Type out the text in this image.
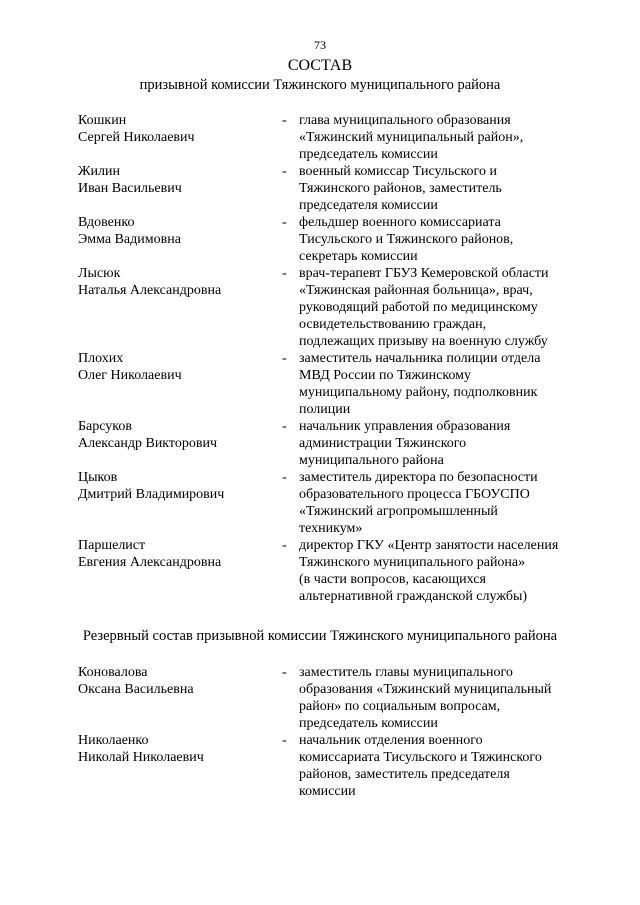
73
СОСТАВ
призывной комиссии Тяжинского муниципального района
Кошкин
Сергей Николаевич
- глава муниципального образования
«Тяжинский муниципальный район»,
председатель комиссии
Жилин
Иван Васильевич
- военный комиссар Тисульского и
Тяжинского районов, заместитель
председателя комиссии
Вдовенко
Эмма Вадимовна
- фельдшер военного комиссариата
Тисульского и Тяжинского районов,
секретарь комиссии
Лысюк
Наталья Александровна
- врач-терапевт ГБУЗ Кемеровской области
«Тяжинская районная больница», врач,
руководящий работой по медицинскому
освидетельствованию граждан,
подлежащих призыву на военную службу
Плохих
Олег Николаевич
- заместитель начальника полиции отдела
МВД России по Тяжинскому
муниципальному району, подполковник
полиции
Барсуков
Александр Викторович
- начальник управления образования
администрации Тяжинского
муниципального района
Цыков
Дмитрий Владимирович
- заместитель директора по безопасности
образовательного процесса ГБОУСПО
«Тяжинский агропромышленный
техникум»
Паршелист
Евгения Александровна
- директор ГКУ «Центр занятости населения
Тяжинского муниципального района»
(в части вопросов, касающихся
альтернативной гражданской службы)
Резервный состав призывной комиссии Тяжинского муниципального района
Коновалова
Оксана Васильевна
- заместитель главы муниципального
образования «Тяжинский муниципальный
район» по социальным вопросам,
председатель комиссии
Николаенко
Николай Николаевич
- начальник отделения военного
комиссариата Тисульского и Тяжинского
районов, заместитель председателя
комиссии
